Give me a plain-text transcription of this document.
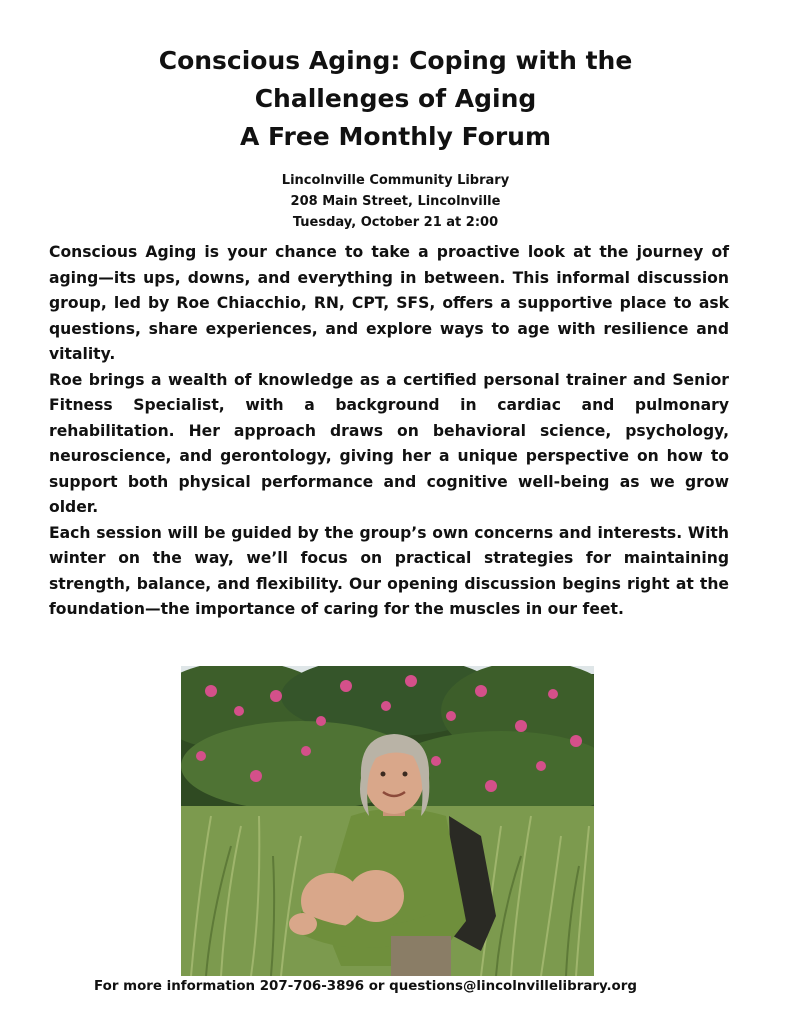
Conscious Aging: Coping with the
Challenges of Aging
A Free Monthly Forum
Lincolnville Community Library
208 Main Street, Lincolnville
Tuesday, October 21 at 2:00

Conscious Aging is your chance to take a proactive look at the journey of aging—its ups, downs, and everything in between. This informal discussion group, led by Roe Chiacchio, RN, CPT, SFS, offers a supportive place to ask questions, share experiences, and explore ways to age with resilience and vitality.

Roe brings a wealth of knowledge as a certified personal trainer and Senior Fitness Specialist, with a background in cardiac and pulmonary rehabilitation. Her approach draws on behavioral science, psychology, neuroscience, and gerontology, giving her a unique perspective on how to support both physical performance and cognitive well-being as we grow older.

Each session will be guided by the group’s own concerns and interests. With winter on the way, we’ll focus on practical strategies for maintaining strength, balance, and flexibility. Our opening discussion begins right at the foundation—the importance of caring for the muscles in our feet.

For more information 207-706-3896 or questions@lincolnvillelibrary.org
